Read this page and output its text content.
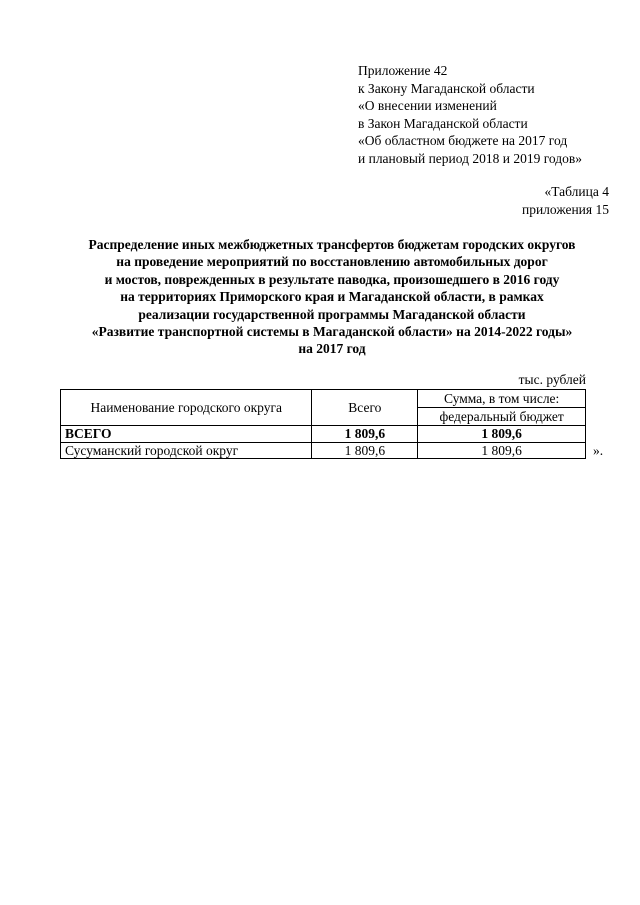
Приложение 42
к Закону Магаданской области
«О внесении изменений
в Закон Магаданской области
«Об областном бюджете на 2017 год
и плановый период 2018 и 2019 годов»
«Таблица 4
приложения 15
Распределение иных межбюджетных трансфертов бюджетам городских округов
на проведение мероприятий по восстановлению автомобильных дорог
и мостов, поврежденных в результате паводка, произошедшего в 2016 году
на территориях Приморского края и Магаданской области, в рамках
реализации государственной программы Магаданской области
«Развитие транспортной системы в Магаданской области» на 2014-2022 годы»
на 2017 год
тыс. рублей
Наименование городского округа	Всего	Сумма, в том числе:
		федеральный бюджет
ВСЕГО	1 809,6	1 809,6
Сусуманский городской округ	1 809,6	1 809,6	».
